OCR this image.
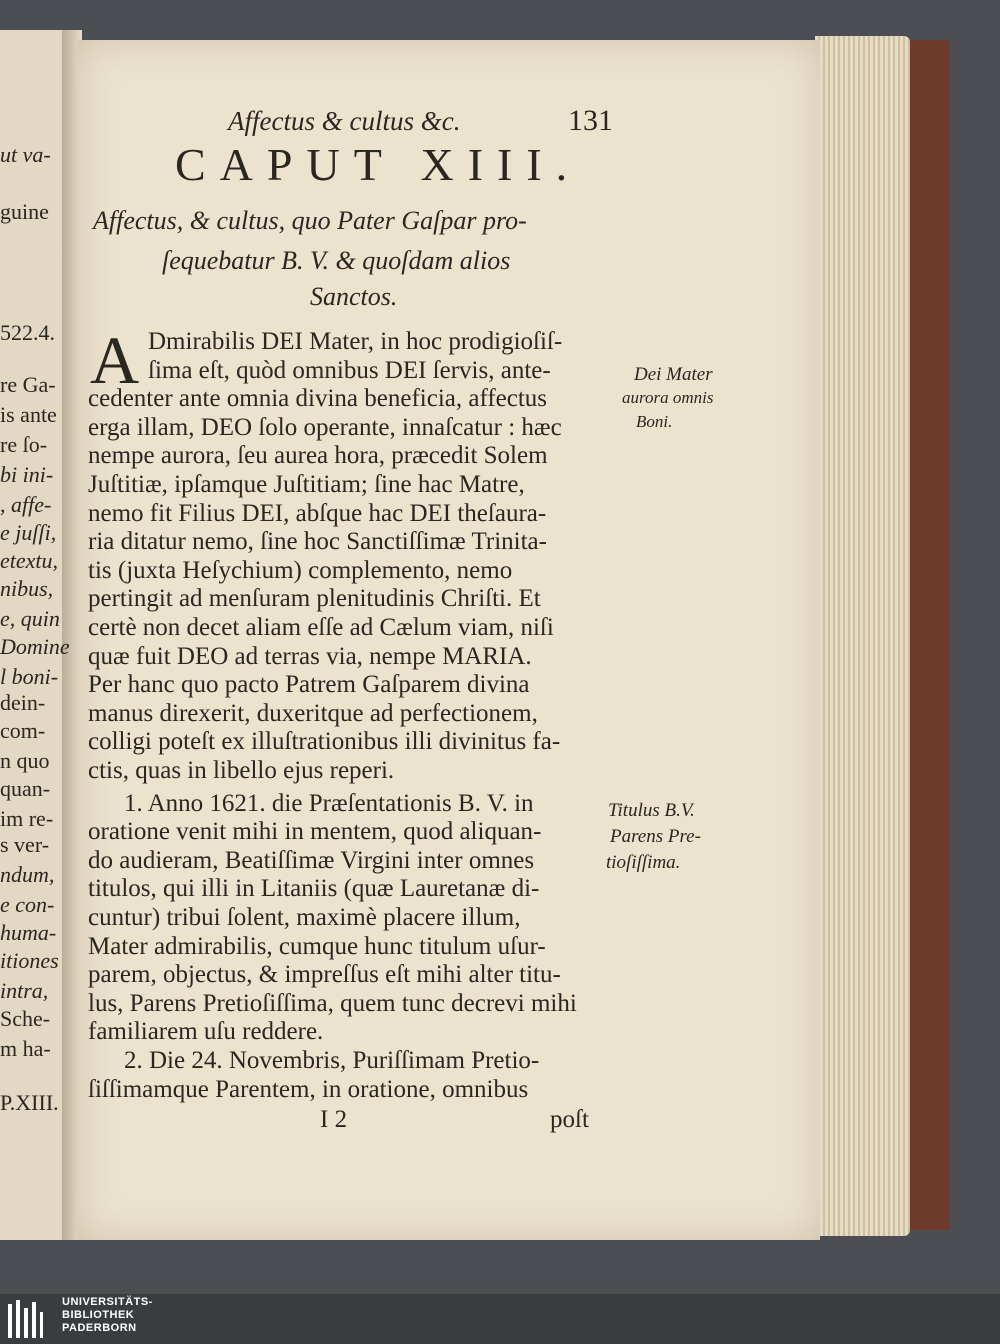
ut va-
guine
522.4.
re Ga-
is ante
re ſo-
bi ini-
, affe-
e juſſi,
etextu,
nibus,
e, quin
Domine
l boni-
dein-
com-
n quo
quan-
im re-
s ver-
ndum,
e con-
huma-
itiones
intra,
Sche-
m ha-
P.XIII.
Affectus & cultus &c.	131
CAPUT XIII.
Affectus, & cultus, quo Pater Gaſpar pro-
ſequebatur B. V. & quoſdam alios
Sanctos.
A Dmirabilis DEI Mater, in hoc prodigioſiſ-
ſima eſt, quòd omnibus DEI ſervis, ante-
cedenter ante omnia divina beneficia, affectus
erga illam, DEO ſolo operante, innaſcatur : hæc
nempe aurora, ſeu aurea hora, præcedit Solem
Juſtitiæ, ipſamque Juſtitiam; ſine hac Matre,
nemo fit Filius DEI, abſque hac DEI theſaura-
ria ditatur nemo, ſine hoc Sanctiſſimæ Trinita-
tis (juxta Heſychium) complemento, nemo
pertingit ad menſuram plenitudinis Chriſti. Et
certè non decet aliam eſſe ad Cælum viam, niſi
quæ fuit DEO ad terras via, nempe MARIA.
Per hanc quo pacto Patrem Gaſparem divina
manus direxerit, duxeritque ad perfectionem,
colligi poteſt ex illuſtrationibus illi divinitus fa-
ctis, quas in libello ejus reperi.
1. Anno 1621. die Præſentationis B. V. in
oratione venit mihi in mentem, quod aliquan-
do audieram, Beatiſſimæ Virgini inter omnes
titulos, qui illi in Litaniis (quæ Lauretanæ di-
cuntur) tribui ſolent, maximè placere illum,
Mater admirabilis, cumque hunc titulum uſur-
parem, objectus, & impreſſus eſt mihi alter titu-
lus, Parens Pretioſiſſima, quem tunc decrevi mihi
familiarem uſu reddere.
2. Die 24. Novembris, Puriſſimam Pretio-
ſiſſimamque Parentem, in oratione, omnibus
Dei Mater
aurora omnis
Boni.
Titulus B.V.
Parens Pre-
tioſiſſima.
I 2	poſt
UNIVERSITÄTS-
BIBLIOTHEK
PADERBORN
